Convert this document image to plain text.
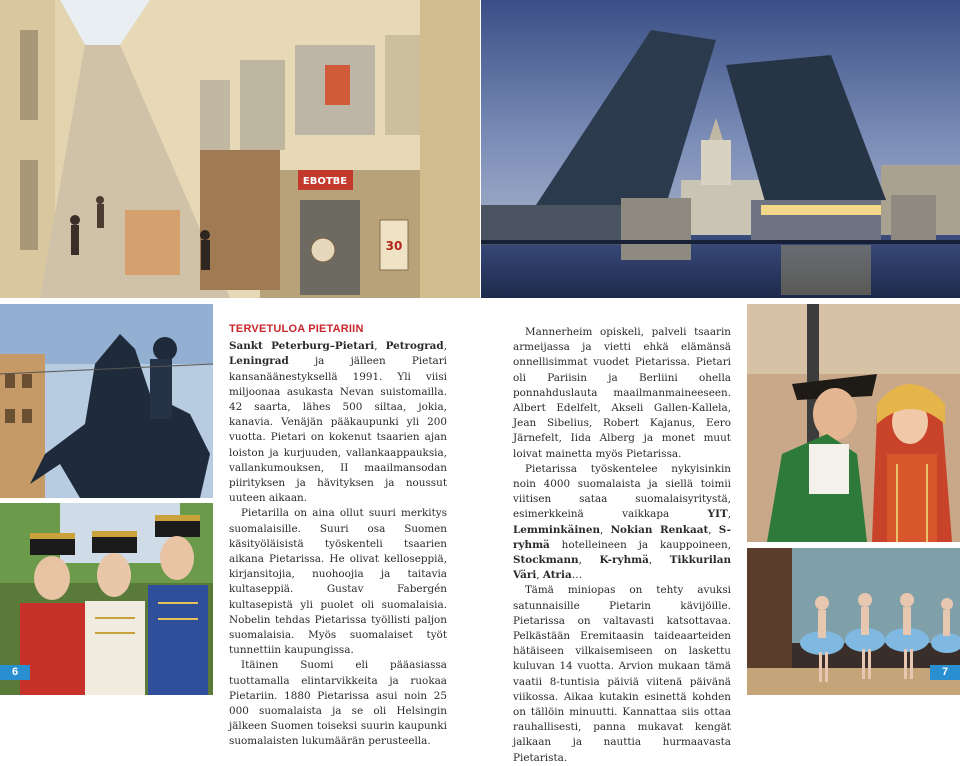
ЕВОТВЕ
30
TERVETULOA PIETARIIN

Sankt Peterburg–Pietari, Petrograd, Leningrad ja jälleen Pietari kansanäänestyksellä 1991. Yli viisi miljoonaa asukasta Nevan suistomailla. 42 saarta, lähes 500 siltaa, jokia, kanavia. Venäjän pääkaupunki yli 200 vuotta. Pietari on kokenut tsaarien ajan loiston ja kurjuuden, vallankaappauksia, vallankumouksen, II maailmansodan piirityksen ja hävityksen ja noussut uuteen aikaan.

Pietarilla on aina ollut suuri merkitys suomalaisille. Suuri osa Suomen käsityöläisistä työskenteli tsaarien aikana Pietarissa. He olivat kelloseppiä, kirjansitojia, nuohoojia ja taitavia kultaseppiä. Gustav Fabergén kultasepistä yli puolet oli suomalaisia. Nobelin tehdas Pietarissa työllisti paljon suomalaisia. Myös suomalaiset työt tunnettiin kaupungissa.

Itäinen Suomi eli pääasiassa tuottamalla elintarvikkeita ja ruokaa Pietariin. 1880 Pietarissa asui noin 25 000 suomalaista ja se oli Helsingin jälkeen Suomen toiseksi suurin kaupunki suomalaisten lukumäärän perusteella.

Mannerheim opiskeli, palveli tsaarin armeijassa ja vietti ehkä elämänsä onnellisimmat vuodet Pietarissa. Pietari oli Pariisin ja Berliini ohella ponnahduslauta maailmanmaineeseen. Albert Edelfelt, Akseli Gallen-Kallela, Jean Sibelius, Robert Kajanus, Eero Järnefelt, Iida Alberg ja monet muut loivat mainetta myös Pietarissa.

Pietarissa työskentelee nykyisinkin noin 4000 suomalaista ja siellä toimii viitisen sataa suomalaisyritystä, esimerkkeinä vaikkapa YIT, Lemminkäinen, Nokian Renkaat, S-ryhmä hotelleineen ja kauppoineen, Stockmann, K-ryhmä, Tikkurilan Väri, Atria…

Tämä miniopas on tehty avuksi satunnaisille Pietarin kävijöille. Pietarissa on valtavasti katsottavaa. Pelkästään Eremitaasin taideaarteiden hätäiseen vilkaisemiseen on laskettu kuluvan 14 vuotta. Arvion mukaan tämä vaatii 8-tuntisia päiviä viitenä päivänä viikossa. Aikaa kutakin esinettä kohden on tällöin minuutti. Kannattaa siis ottaa rauhallisesti, panna mukavat kengät jalkaan ja nauttia hurmaavasta Pietarista.

6	7
